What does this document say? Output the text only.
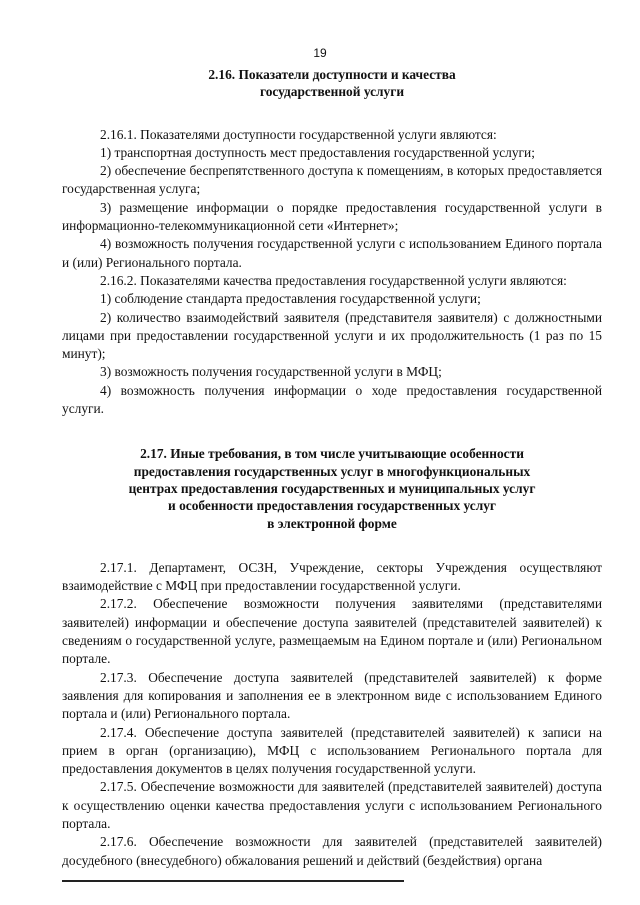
19
2.16. Показатели доступности и качества
государственной услуги

2.16.1. Показателями доступности государственной услуги являются:

1) транспортная доступность мест предоставления государственной услуги;

2) обеспечение беспрепятственного доступа к помещениям, в которых предоставляется государственная услуга;

3) размещение информации о порядке предоставления государственной услуги в информационно-телекоммуникационной сети «Интернет»;

4) возможность получения государственной услуги с использованием Единого портала и (или) Регионального портала.

2.16.2. Показателями качества предоставления государственной услуги являются:

1) соблюдение стандарта предоставления государственной услуги;

2) количество взаимодействий заявителя (представителя заявителя) с должностными лицами при предоставлении государственной услуги и их продолжительность (1 раз по 15 минут);

3) возможность получения государственной услуги в МФЦ;

4) возможность получения информации о ходе предоставления государственной услуги.

2.17. Иные требования, в том числе учитывающие особенности
предоставления государственных услуг в многофункциональных
центрах предоставления государственных и муниципальных услуг
и особенности предоставления государственных услуг
в электронной форме

2.17.1. Департамент, ОСЗН, Учреждение, секторы Учреждения осуществляют взаимодействие с МФЦ при предоставлении государственной услуги.

2.17.2. Обеспечение возможности получения заявителями (представителями заявителей) информации и обеспечение доступа заявителей (представителей заявителей) к сведениям о государственной услуге, размещаемым на Едином портале и (или) Региональном портале.

2.17.3. Обеспечение доступа заявителей (представителей заявителей) к форме заявления для копирования и заполнения ее в электронном виде с использованием Единого портала и (или) Регионального портала.

2.17.4. Обеспечение доступа заявителей (представителей заявителей) к записи на прием в орган (организацию), МФЦ с использованием Регионального портала для предоставления документов в целях получения государственной услуги.

2.17.5. Обеспечение возможности для заявителей (представителей заявителей) доступа к осуществлению оценки качества предоставления услуги с использованием Регионального портала.

2.17.6. Обеспечение возможности для заявителей (представителей заявителей) досудебного (внесудебного) обжалования решений и действий (бездействия) органа
